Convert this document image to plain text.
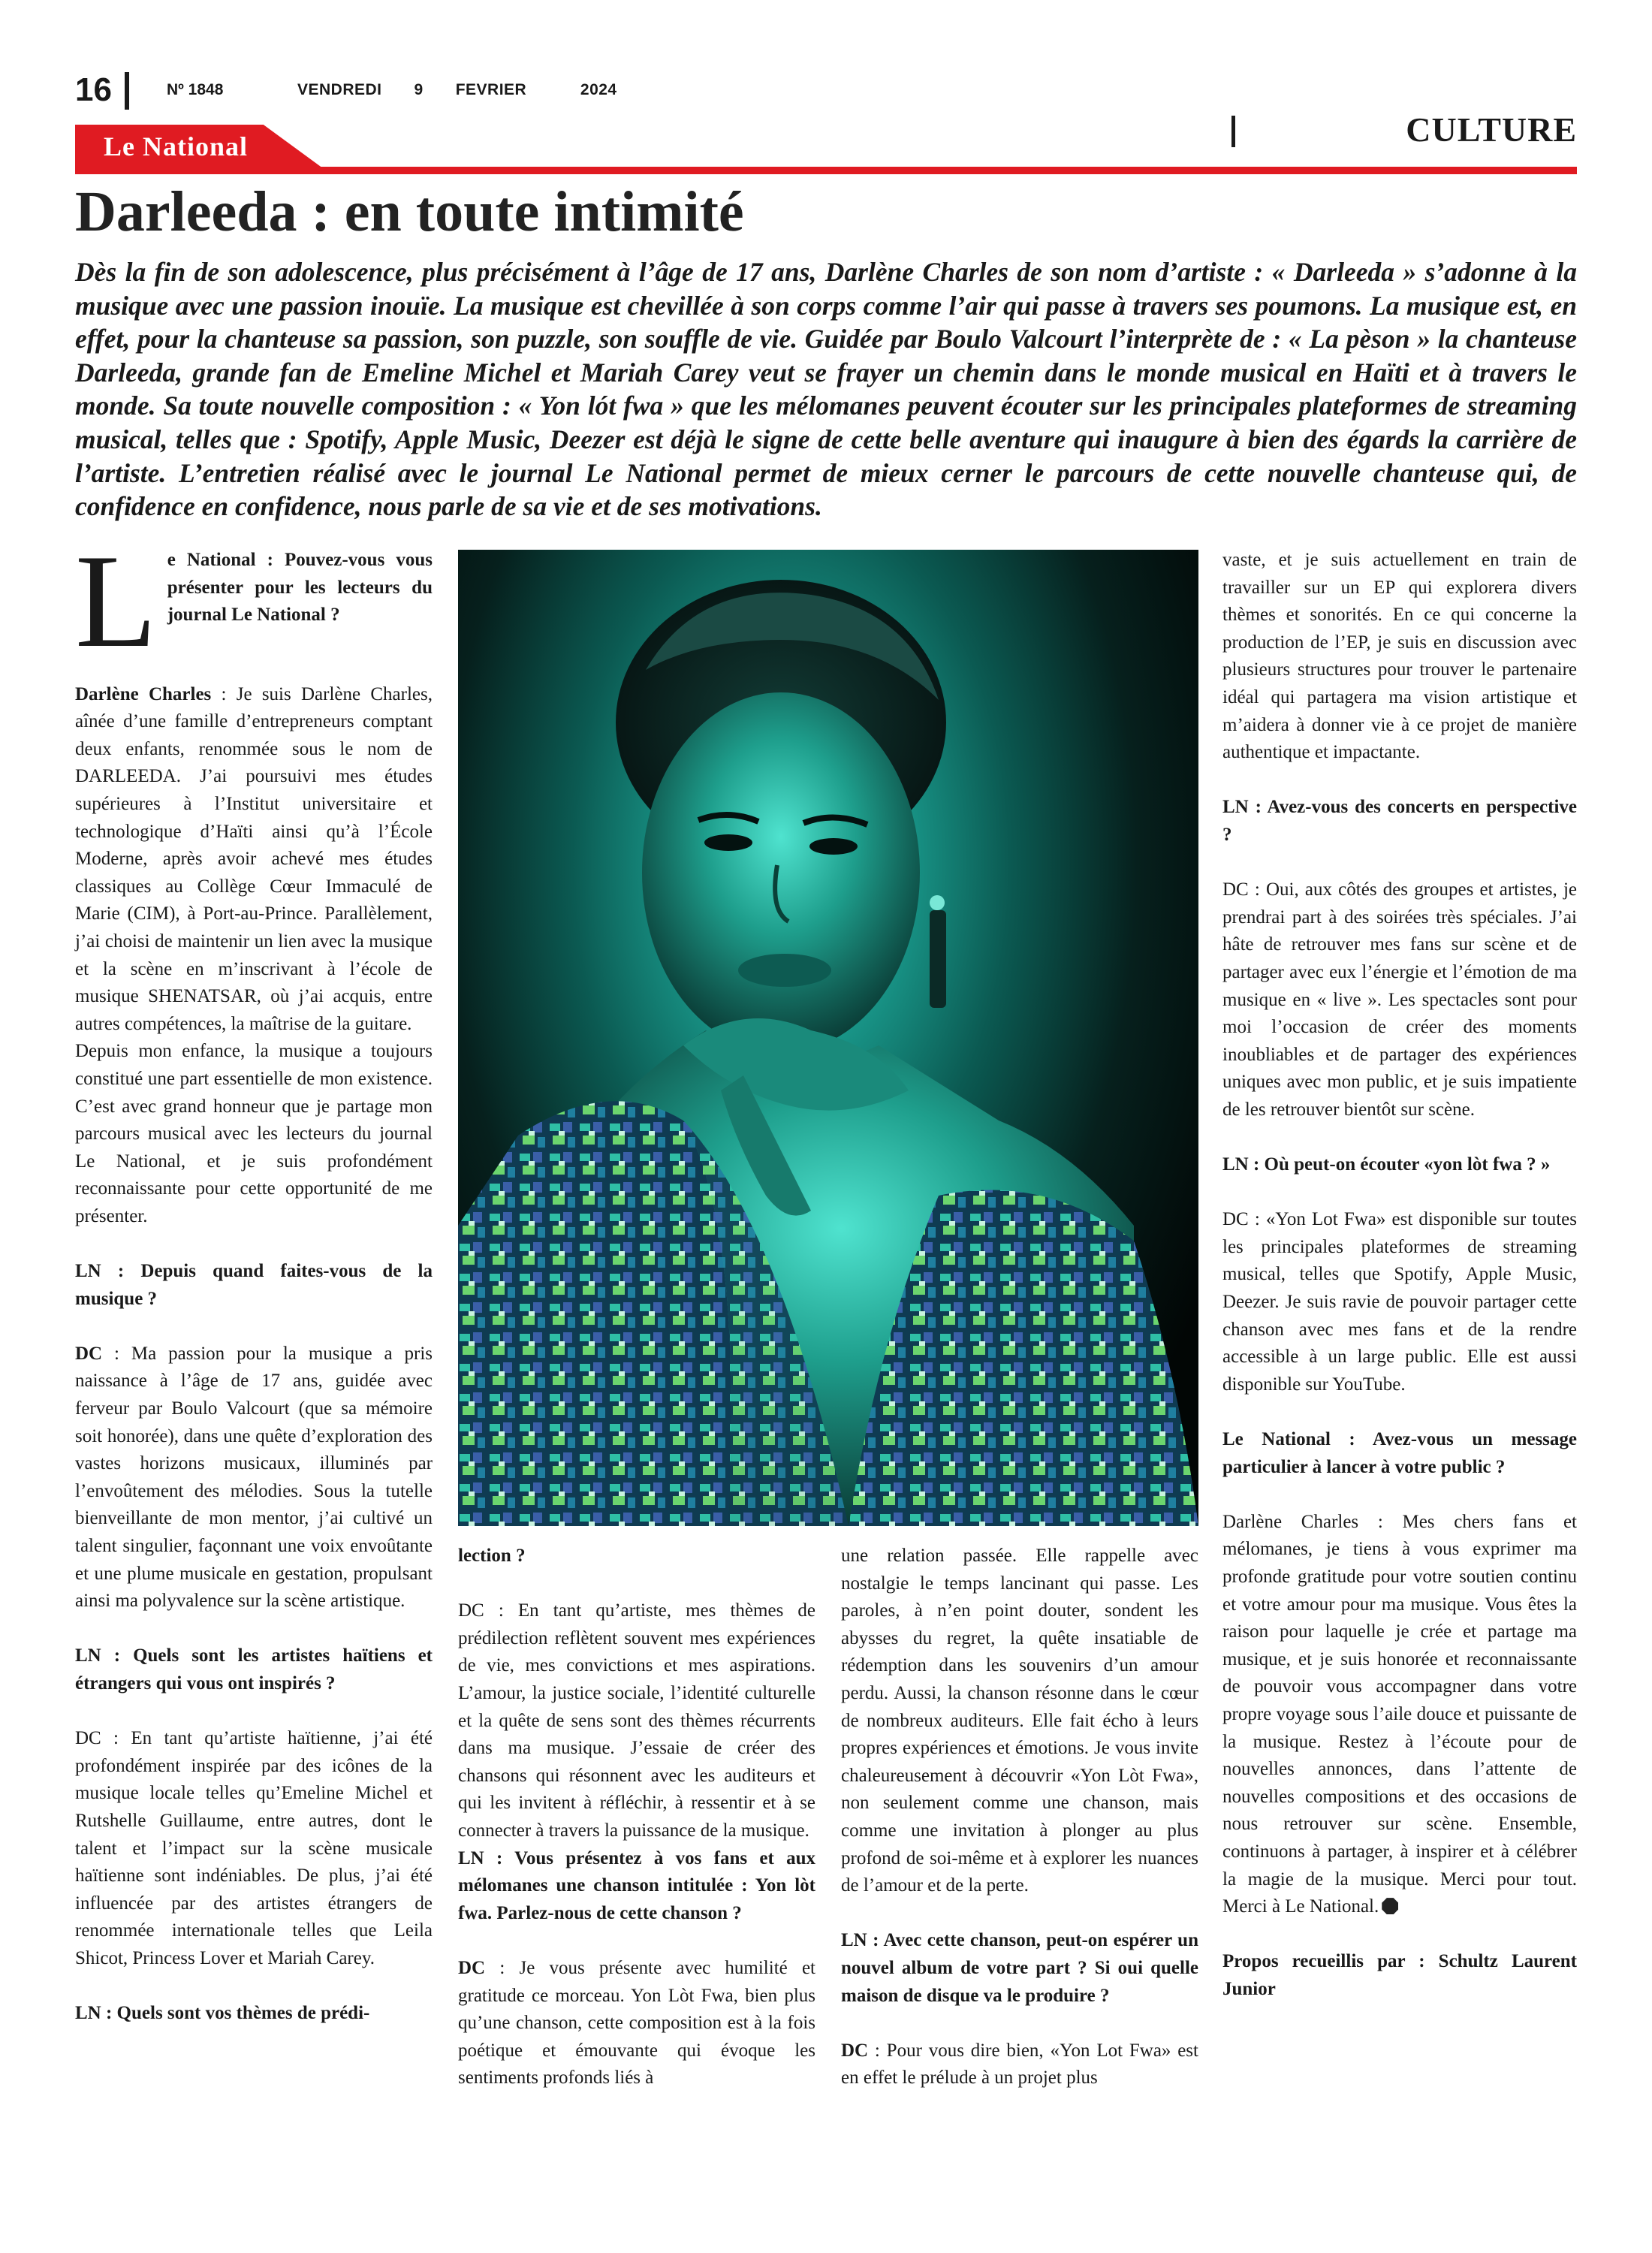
16	Nº 1848	VENDREDI   9   FEVRIER     2024
CULTURE
Le National
Darleeda : en toute intimité
Dès la fin de son adolescence, plus précisément à l’âge de 17 ans, Darlène Charles de son nom d’artiste : « Darleeda » s’adonne à la musique avec une passion inouïe. La musique est chevillée à son corps comme l’air qui passe à travers ses poumons. La musique est, en effet, pour la chanteuse sa passion, son puzzle, son souffle de vie. Guidée par Boulo Valcourt l’interprète de : « La pèson » la chanteuse Darleeda, grande fan de Emeline Michel et Mariah Carey veut se frayer un chemin dans le monde musical en Haïti et à travers le monde. Sa toute nouvelle composition : « Yon lót fwa » que les mélomanes peuvent écouter sur les principales plateformes de streaming musical, telles que : Spotify, Apple Music, Deezer est déjà le signe de cette belle aventure qui inaugure à bien des égards la carrière de l’artiste. L’entretien réalisé avec le journal Le National permet de mieux cerner le parcours de cette nouvelle chanteuse qui, de confidence en confidence, nous parle de sa vie et de ses motivations.
L e National : Pouvez-vous vous présenter pour les lecteurs du journal Le National ?

Darlène Charles : Je suis Darlène Charles, aînée d’une famille d’entrepreneurs comptant deux enfants, renommée sous le nom de DARLEEDA. J’ai poursuivi mes études supérieures à l’Institut universitaire et technologique d’Haïti ainsi qu’à l’École Moderne, après avoir achevé mes études classiques au Collège Cœur Immaculé de Marie (CIM), à Port-au-Prince. Parallèlement, j’ai choisi de maintenir un lien avec la musique et la scène en m’inscrivant à l’école de musique SHENATSAR, où j’ai acquis, entre autres compétences, la maîtrise de la guitare.

Depuis mon enfance, la musique a toujours constitué une part essentielle de mon existence. C’est avec grand honneur que je partage mon parcours musical avec les lecteurs du journal Le National, et je suis profondément reconnaissante pour cette opportunité de me présenter.

LN : Depuis quand faites-vous de la musique ?

DC : Ma passion pour la musique a pris naissance à l’âge de 17 ans, guidée avec ferveur par Boulo Valcourt (que sa mémoire soit honorée), dans une quête d’exploration des vastes horizons musicaux, illuminés par l’envoûtement des mélodies. Sous la tutelle bienveillante de mon mentor, j’ai cultivé un talent singulier, façonnant une voix envoûtante et une plume musicale en gestation, propulsant ainsi ma polyvalence sur la scène artistique.

LN : Quels sont les artistes haïtiens et étrangers qui vous ont inspirés ?

DC : En tant qu’artiste haïtienne, j’ai été profondément inspirée par des icônes de la musique locale telles qu’Emeline Michel et Rutshelle Guillaume, entre autres, dont le talent et l’impact sur la scène musicale haïtienne sont indéniables. De plus, j’ai été influencée par des artistes étrangers de renommée internationale telles que Leila Shicot, Princess Lover et Mariah Carey.

LN : Quels sont vos thèmes de prédi-

lection ?

DC : En tant qu’artiste, mes thèmes de prédilection reflètent souvent mes expériences de vie, mes convictions et mes aspirations. L’amour, la justice sociale, l’identité culturelle et la quête de sens sont des thèmes récurrents dans ma musique. J’essaie de créer des chansons qui résonnent avec les auditeurs et qui les invitent à réfléchir, à ressentir et à se connecter à travers la puissance de la musique.

LN : Vous présentez à vos fans et aux mélomanes une chanson intitulée : Yon lòt fwa. Parlez-nous de cette chanson ?

DC : Je vous présente avec humilité et gratitude ce morceau. Yon Lòt Fwa, bien plus qu’une chanson, cette composition est à la fois poétique et émouvante qui évoque les sentiments profonds liés à

une relation passée. Elle rappelle avec nostalgie le temps lancinant qui passe. Les paroles, à n’en point douter, sondent les abysses du regret, la quête insatiable de rédemption dans les souvenirs d’un amour perdu. Aussi, la chanson résonne dans le cœur de nombreux auditeurs. Elle fait écho à leurs propres expériences et émotions. Je vous invite chaleureusement à découvrir «Yon Lòt Fwa», non seulement comme une chanson, mais comme une invitation à plonger au plus profond de soi-même et à explorer les nuances de l’amour et de la perte.

LN : Avec cette chanson, peut-on espérer un nouvel album de votre part ? Si oui quelle maison de disque va le produire ?

DC : Pour vous dire bien, «Yon Lot Fwa» est en effet le prélude à un projet plus

vaste, et je suis actuellement en train de travailler sur un EP qui explorera divers thèmes et sonorités. En ce qui concerne la production de l’EP, je suis en discussion avec plusieurs structures pour trouver le partenaire idéal qui partagera ma vision artistique et m’aidera à donner vie à ce projet de manière authentique et impactante.

LN : Avez-vous des concerts en perspective ?

DC : Oui, aux côtés des groupes et artistes, je prendrai part à des soirées très spéciales. J’ai hâte de retrouver mes fans sur scène et de partager avec eux l’énergie et l’émotion de ma musique en « live ». Les spectacles sont pour moi l’occasion de créer des moments inoubliables et de partager des expériences uniques avec mon public, et je suis impatiente de les retrouver bientôt sur scène.

LN : Où peut-on écouter «yon lòt fwa ? »

DC : «Yon Lot Fwa» est disponible sur toutes les principales plateformes de streaming musical, telles que Spotify, Apple Music, Deezer. Je suis ravie de pouvoir partager cette chanson avec mes fans et de la rendre accessible à un large public. Elle est aussi disponible sur YouTube.

Le National : Avez-vous un message particulier à lancer à votre public ?

Darlène Charles : Mes chers fans et mélomanes, je tiens à vous exprimer ma profonde gratitude pour votre soutien continu et votre amour pour ma musique. Vous êtes la raison pour laquelle je crée et partage ma musique, et je suis honorée et reconnaissante de pouvoir vous accompagner dans votre propre voyage sous l’aile douce et puissante de la musique. Restez à l’écoute pour de nouvelles annonces, dans l’attente de nouvelles compositions et des occasions de nous retrouver sur scène. Ensemble, continuons à partager, à inspirer et à célébrer la magie de la musique. Merci pour tout. Merci à Le National.

Propos recueillis par : Schultz Laurent Junior
